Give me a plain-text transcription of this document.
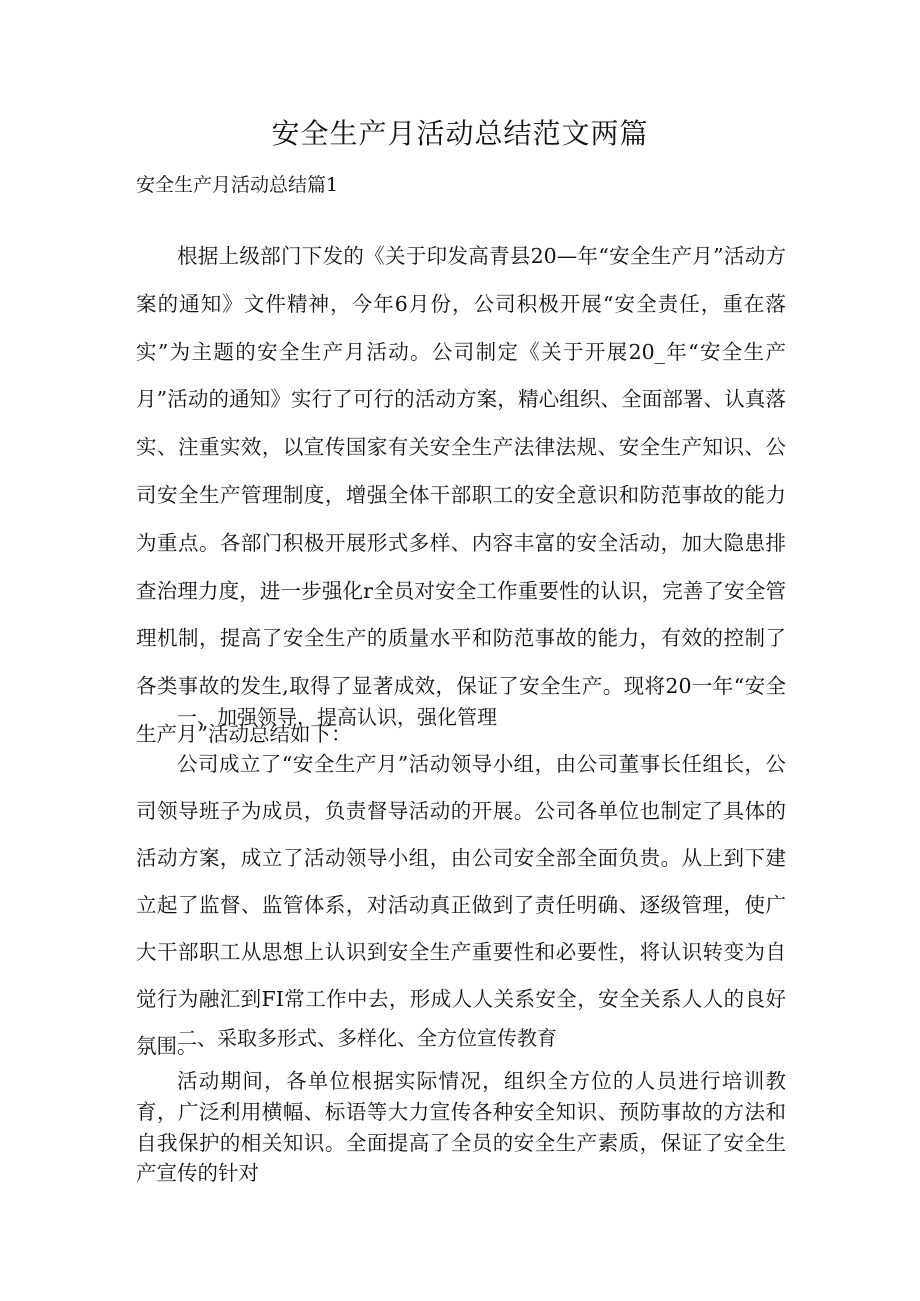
安全生产月活动总结范文两篇

安全生产月活动总结篇1

根据上级部门下发的《关于印发高青县20—年“安全生产月”活动方案的通知》文件精神，今年6月份，公司积极开展“安全责任，重在落实”为主题的安全生产月活动。公司制定《关于开展20_年“安全生产月”活动的通知》实行了可行的活动方案，精心组织、全面部署、认真落实、注重实效，以宣传国家有关安全生产法律法规、安全生产知识、公司安全生产管理制度，增强全体干部职工的安全意识和防范事故的能力为重点。各部门积极开展形式多样、内容丰富的安全活动，加大隐患排查治理力度，进一步强化r全员对安全工作重要性的认识，完善了安全管理机制，提高了安全生产的质量水平和防范事故的能力，有效的控制了各类事故的发生,取得了显著成效，保证了安全生产。现将20一年“安全生产月”活动总结如下：

一、加强领导，提高认识，强化管理

公司成立了“安全生产月”活动领导小组，由公司董事长任组长，公司领导班子为成员，负责督导活动的开展。公司各单位也制定了具体的活动方案，成立了活动领导小组，由公司安全部全面负贵。从上到下建立起了监督、监管体系，对活动真正做到了责任明确、逐级管理，使广大干部职工从思想上认识到安全生产重要性和必要性，将认识转变为自觉行为融汇到FI常工作中去，形成人人关系安全，安全关系人人的良好氛围。

二、采取多形式、多样化、全方位宣传教育

活动期间，各单位根据实际情况，组织全方位的人员进行培训教育，广泛利用横幅、标语等大力宣传各种安全知识、预防事故的方法和自我保护的相关知识。全面提高了全员的安全生产素质，保证了安全生产宣传的针对
